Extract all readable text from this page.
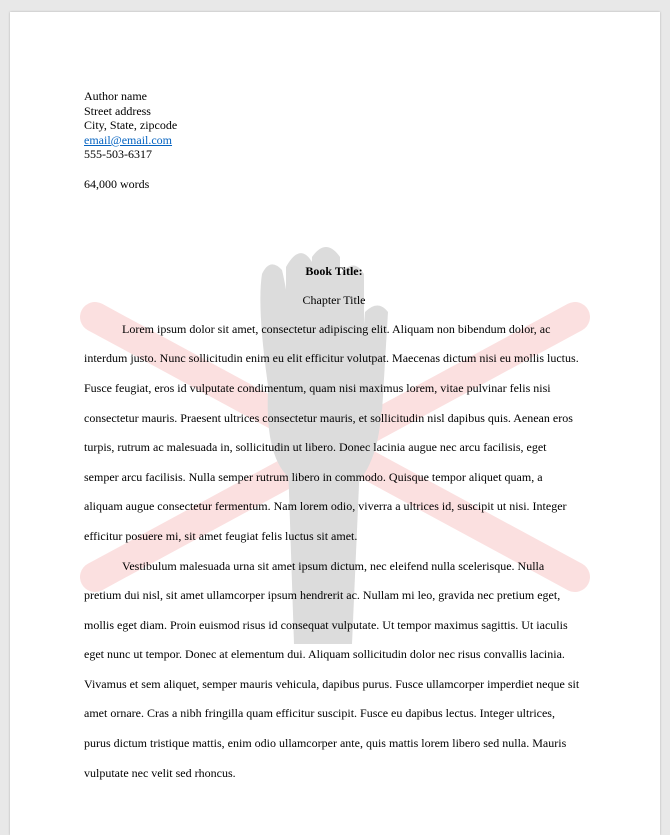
Author name
Street address
City, State, zipcode
email@email.com
555-503-6317
64,000 words
Book Title:
Chapter Title

Lorem ipsum dolor sit amet, consectetur adipiscing elit. Aliquam non bibendum dolor, ac interdum justo. Nunc sollicitudin enim eu elit efficitur volutpat. Maecenas dictum nisi eu mollis luctus. Fusce feugiat, eros id vulputate condimentum, quam nisi maximus lorem, vitae pulvinar felis nisi consectetur mauris. Praesent ultrices consectetur mauris, et sollicitudin nisl dapibus quis. Aenean eros turpis, rutrum ac malesuada in, sollicitudin ut libero. Donec lacinia augue nec arcu facilisis, eget semper arcu facilisis. Nulla semper rutrum libero in commodo. Quisque tempor aliquet quam, a aliquam augue consectetur fermentum. Nam lorem odio, viverra a ultrices id, suscipit ut nisi. Integer efficitur posuere mi, sit amet feugiat felis luctus sit amet.

Vestibulum malesuada urna sit amet ipsum dictum, nec eleifend nulla scelerisque. Nulla pretium dui nisl, sit amet ullamcorper ipsum hendrerit ac. Nullam mi leo, gravida nec pretium eget, mollis eget diam. Proin euismod risus id consequat vulputate. Ut tempor maximus sagittis. Ut iaculis eget nunc ut tempor. Donec at elementum dui. Aliquam sollicitudin dolor nec risus convallis lacinia. Vivamus et sem aliquet, semper mauris vehicula, dapibus purus. Fusce ullamcorper imperdiet neque sit amet ornare. Cras a nibh fringilla quam efficitur suscipit. Fusce eu dapibus lectus. Integer ultrices, purus dictum tristique mattis, enim odio ullamcorper ante, quis mattis lorem libero sed nulla. Mauris vulputate nec velit sed rhoncus.
